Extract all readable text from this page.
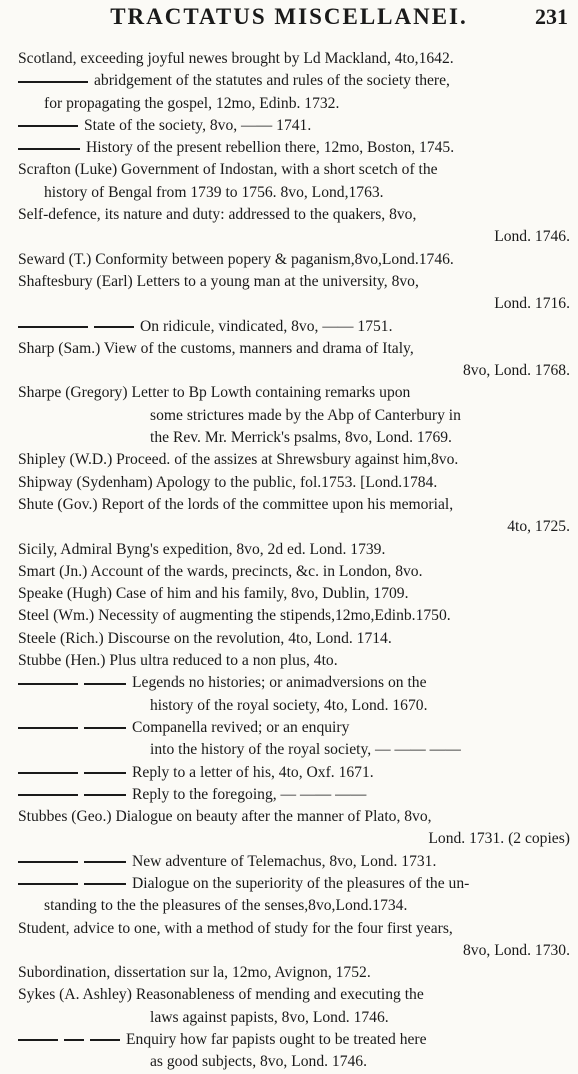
TRACTATUS MISCELLANEI.	231
Scotland, exceeding joyful newes brought by Ld Mackland, 4to,1642.
abridgement of the statutes and rules of the society there,
for propagating the gospel, 12mo, Edinb. 1732.
State of the society, 8vo, —— 1741.
History of the present rebellion there, 12mo, Boston, 1745.
Scrafton (Luke) Government of Indostan, with a short scetch of the
history of Bengal from 1739 to 1756. 8vo, Lond,1763.
Self-defence, its nature and duty: addressed to the quakers, 8vo,
Lond. 1746.
Seward (T.) Conformity between popery & paganism,8vo,Lond.1746.
Shaftesbury (Earl) Letters to a young man at the university, 8vo,
Lond. 1716.
On ridicule, vindicated, 8vo, —— 1751.
Sharp (Sam.) View of the customs, manners and drama of Italy,
8vo, Lond. 1768.
Sharpe (Gregory) Letter to Bp Lowth containing remarks upon
some strictures made by the Abp of Canterbury in
the Rev. Mr. Merrick's psalms, 8vo, Lond. 1769.
Shipley (W.D.) Proceed. of the assizes at Shrewsbury against him,8vo.
Shipway (Sydenham) Apology to the public, fol.1753. [Lond.1784.
Shute (Gov.) Report of the lords of the committee upon his memorial,
4to, 1725.
Sicily, Admiral Byng's expedition, 8vo, 2d ed. Lond. 1739.
Smart (Jn.) Account of the wards, precincts, &c. in London, 8vo.
Speake (Hugh) Case of him and his family, 8vo, Dublin, 1709.
Steel (Wm.) Necessity of augmenting the stipends,12mo,Edinb.1750.
Steele (Rich.) Discourse on the revolution, 4to, Lond. 1714.
Stubbe (Hen.) Plus ultra reduced to a non plus, 4to.
Legends no histories; or animadversions on the
history of the royal society, 4to, Lond. 1670.
Companella revived; or an enquiry
into the history of the royal society, — —— ——
Reply to a letter of his, 4to, Oxf. 1671.
Reply to the foregoing, — —— ——
Stubbes (Geo.) Dialogue on beauty after the manner of Plato, 8vo,
Lond. 1731. (2 copies)
New adventure of Telemachus, 8vo, Lond. 1731.
Dialogue on the superiority of the pleasures of the un-
standing to the the pleasures of the senses,8vo,Lond.1734.
Student, advice to one, with a method of study for the four first years,
8vo, Lond. 1730.
Subordination, dissertation sur la, 12mo, Avignon, 1752.
Sykes (A. Ashley) Reasonableness of mending and executing the
laws against papists, 8vo, Lond. 1746.
Enquiry how far papists ought to be treated here
as good subjects, 8vo, Lond. 1746.
